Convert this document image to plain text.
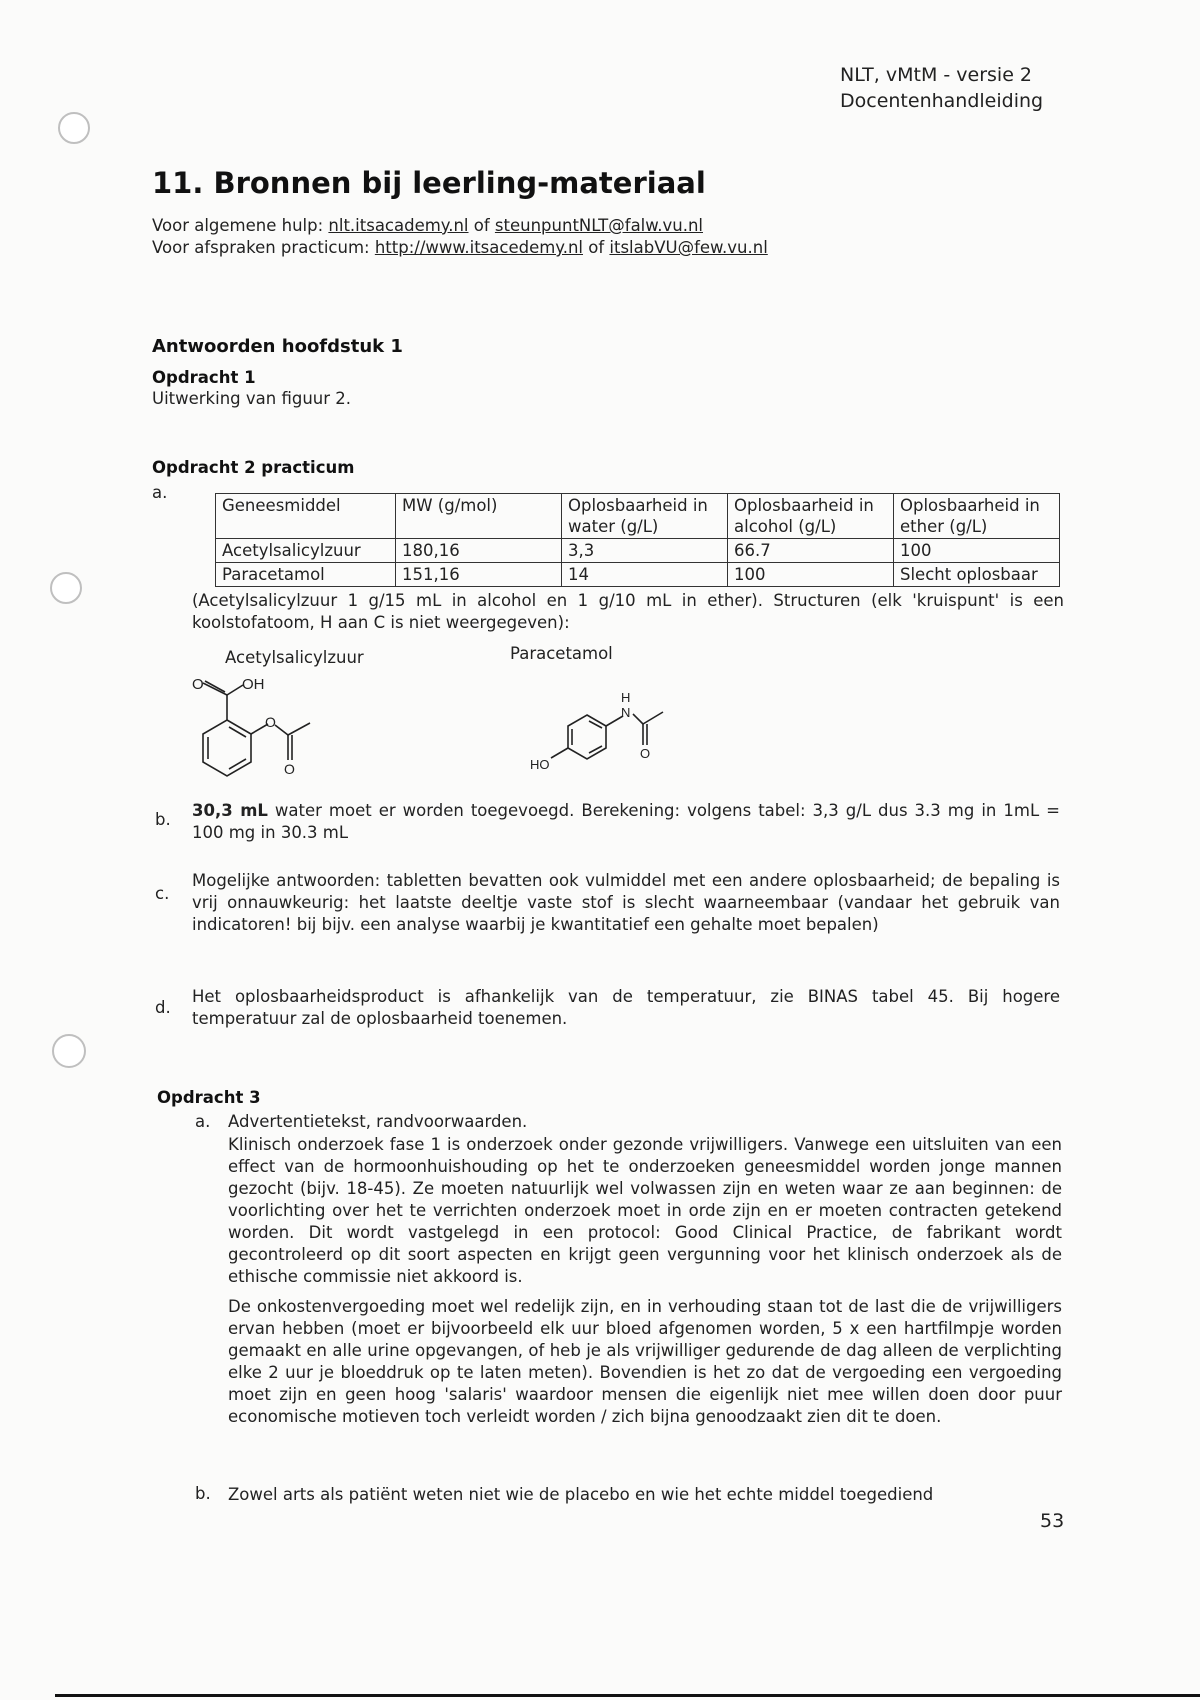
NLT, vMtM - versie 2
Docentenhandleiding
11. Bronnen bij leerling-materiaal
Voor algemene hulp: nlt.itsacademy.nl of steunpuntNLT@falw.vu.nl
Voor afspraken practicum: http://www.itsacedemy.nl of itslabVU@few.vu.nl
Antwoorden hoofdstuk 1
Opdracht 1
Uitwerking van figuur 2.
Opdracht 2 practicum
a.
Geneesmiddel	MW (g/mol)	Oplosbaarheid in water (g/L)	Oplosbaarheid in alcohol (g/L)	Oplosbaarheid in ether (g/L)
Acetylsalicylzuur	180,16	3,3	66.7	100
Paracetamol	151,16	14	100	Slecht oplosbaar
(Acetylsalicylzuur 1 g/15 mL in alcohol en 1 g/10 mL in ether). Structuren (elk 'kruispunt' is een koolstofatoom, H aan C is niet weergegeven):
Acetylsalicylzuur	Paracetamol
O	OH
O
O
H
N
O
HO
b. 30,3 mL water moet er worden toegevoegd. Berekening: volgens tabel: 3,3 g/L dus 3.3 mg in 1mL = 100 mg in 30.3 mL
c.
Mogelijke antwoorden: tabletten bevatten ook vulmiddel met een andere oplosbaarheid; de bepaling is vrij onnauwkeurig: het laatste deeltje vaste stof is slecht waarneembaar (vandaar het gebruik van indicatoren! bij bijv. een analyse waarbij je kwantitatief een gehalte moet bepalen)
d.
Het oplosbaarheidsproduct is afhankelijk van de temperatuur, zie BINAS tabel 45. Bij hogere temperatuur zal de oplosbaarheid toenemen.
Opdracht 3
a. Advertentietekst, randvoorwaarden.
Klinisch onderzoek fase 1 is onderzoek onder gezonde vrijwilligers. Vanwege een uitsluiten van een effect van de hormoonhuishouding op het te onderzoeken geneesmiddel worden jonge mannen gezocht (bijv. 18-45). Ze moeten natuurlijk wel volwassen zijn en weten waar ze aan beginnen: de voorlichting over het te verrichten onderzoek moet in orde zijn en er moeten contracten getekend worden. Dit wordt vastgelegd in een protocol: Good Clinical Practice, de fabrikant wordt gecontroleerd op dit soort aspecten en krijgt geen vergunning voor het klinisch onderzoek als de ethische commissie niet akkoord is.
De onkostenvergoeding moet wel redelijk zijn, en in verhouding staan tot de last die de vrijwilligers ervan hebben (moet er bijvoorbeeld elk uur bloed afgenomen worden, 5 x een hartfilmpje worden gemaakt en alle urine opgevangen, of heb je als vrijwilliger gedurende de dag alleen de verplichting elke 2 uur je bloeddruk op te laten meten). Bovendien is het zo dat de vergoeding een vergoeding moet zijn en geen hoog 'salaris' waardoor mensen die eigenlijk niet mee willen doen door puur economische motieven toch verleidt worden / zich bijna genoodzaakt zien dit te doen.
b. Zowel arts als patiënt weten niet wie de placebo en wie het echte middel toegediend
53
